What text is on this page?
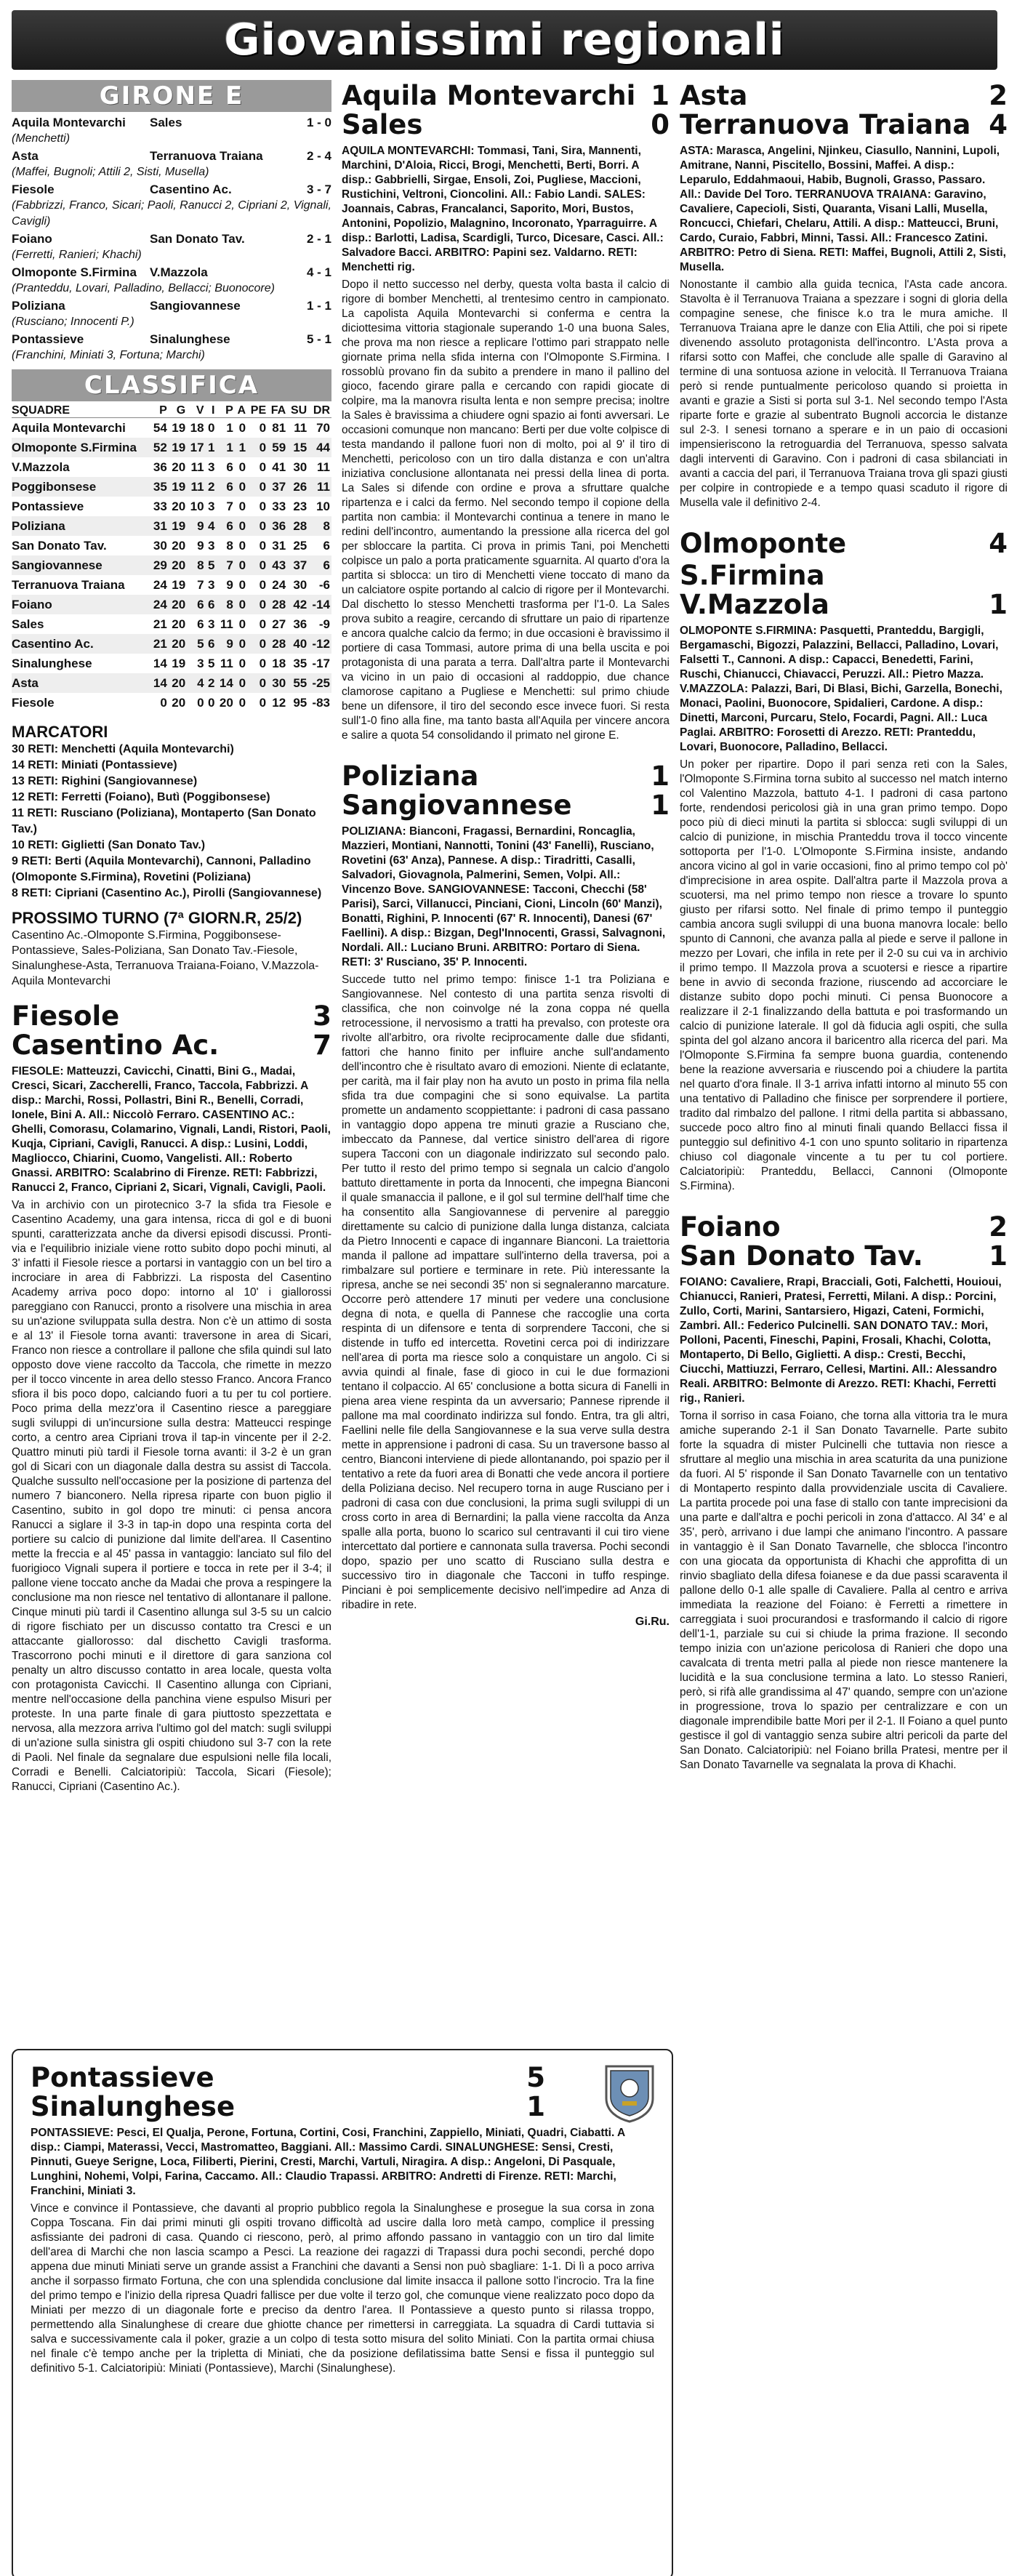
Giovanissimi regionali
GIRONE E
Aquila Montevarchi	Sales	1 - 0
(Menchetti)
Asta	Terranuova Traiana	2 - 4
(Maffei, Bugnoli; Attili 2, Sisti, Musella)
Fiesole	Casentino Ac.	3 - 7
(Fabbrizzi, Franco, Sicari; Paoli, Ranucci 2, Cipriani 2, Vignali, Cavigli)
Foiano	San Donato Tav.	2 - 1
(Ferretti, Ranieri; Khachi)
Olmoponte S.Firmina	V.Mazzola	4 - 1
(Pranteddu, Lovari, Palladino, Bellacci; Buonocore)
Poliziana	Sangiovannese	1 - 1
(Rusciano; Innocenti P.)
Pontassieve	Sinalunghese	5 - 1
(Franchini, Miniati 3, Fortuna; Marchi)
CLASSIFICA
SQUADRE	P	G	V	I	P	A	PE	FA	SU	DR
Aquila Montevarchi	54	19	18	0	1	0	0	81	11	70
Olmoponte S.Firmina	52	19	17	1	1	1	0	59	15	44
V.Mazzola	36	20	11	3	6	0	0	41	30	11
Poggibonsese	35	19	11	2	6	0	0	37	26	11
Pontassieve	33	20	10	3	7	0	0	33	23	10
Poliziana	31	19	9	4	6	0	0	36	28	8
San Donato Tav.	30	20	9	3	8	0	0	31	25	6
Sangiovannese	29	20	8	5	7	0	0	43	37	6
Terranuova Traiana	24	19	7	3	9	0	0	24	30	-6
Foiano	24	20	6	6	8	0	0	28	42	-14
Sales	21	20	6	3	11	0	0	27	36	-9
Casentino Ac.	21	20	5	6	9	0	0	28	40	-12
Sinalunghese	14	19	3	5	11	0	0	18	35	-17
Asta	14	20	4	2	14	0	0	30	55	-25
Fiesole	0	20	0	0	20	0	0	12	95	-83
MARCATORI
30 RETI: Menchetti (Aquila Montevarchi)
14 RETI: Miniati (Pontassieve)
13 RETI: Righini (Sangiovannese)
12 RETI: Ferretti (Foiano), Butì (Poggibonsese)
11 RETI: Rusciano (Poliziana), Montaperto (San Donato Tav.)
10 RETI: Giglietti (San Donato Tav.)
9 RETI: Berti (Aquila Montevarchi), Cannoni, Palladino (Olmoponte S.Firmina), Rovetini (Poliziana)
8 RETI: Cipriani (Casentino Ac.), Pirolli (Sangiovannese)
PROSSIMO TURNO (7ª GIORN.R, 25/2)
Casentino Ac.-Olmoponte S.Firmina, Poggibonsese-Pontassieve, Sales-Poliziana, San Donato Tav.-Fiesole, Sinalunghese-Asta, Terranuova Traiana-Foiano, V.Mazzola-Aquila Montevarchi
Fiesole	3
Casentino Ac.	7
FIESOLE: Matteuzzi, Cavicchi, Cinatti, Bini G., Madai, Cresci, Sicari, Zaccherelli, Franco, Taccola, Fabbrizzi. A disp.: Marchi, Rossi, Pollastri, Bini R., Benelli, Corradi, Ionele, Bini A. All.: Niccolò Ferraro. CASENTINO AC.: Ghelli, Comorasu, Colamarino, Vignali, Landi, Ristori, Paoli, Kuqja, Cipriani, Cavigli, Ranucci. A disp.: Lusini, Loddi, Magliocco, Chiarini, Cuomo, Vangelisti. All.: Roberto Gnassi. ARBITRO: Scalabrino di Firenze. RETI: Fabbrizzi, Ranucci 2, Franco, Cipriani 2, Sicari, Vignali, Cavigli, Paoli.
Va in archivio con un pirotecnico 3-7 la sfida tra Fiesole e Casentino Academy, una gara intensa, ricca di gol e di buoni spunti, caratterizzata anche da diversi episodi discussi. Pronti-via e l'equilibrio iniziale viene rotto subito dopo pochi minuti, al 3' infatti il Fiesole riesce a portarsi in vantaggio con un bel tiro a incrociare in area di Fabbrizzi. La risposta del Casentino Academy arriva poco dopo: intorno al 10' i giallorossi pareggiano con Ranucci, pronto a risolvere una mischia in area su un'azione sviluppata sulla destra. Non c'è un attimo di sosta e al 13' il Fiesole torna avanti: traversone in area di Sicari, Franco non riesce a controllare il pallone che sfila quindi sul lato opposto dove viene raccolto da Taccola, che rimette in mezzo per il tocco vincente in area dello stesso Franco. Ancora Franco sfiora il bis poco dopo, calciando fuori a tu per tu col portiere. Poco prima della mezz'ora il Casentino riesce a pareggiare sugli sviluppi di un'incursione sulla destra: Matteucci respinge corto, a centro area Cipriani trova il tap-in vincente per il 2-2. Quattro minuti più tardi il Fiesole torna avanti: il 3-2 è un gran gol di Sicari con un diagonale dalla destra su assist di Taccola. Qualche sussulto nell'occasione per la posizione di partenza del numero 7 bianconero. Nella ripresa riparte con buon piglio il Casentino, subito in gol dopo tre minuti: ci pensa ancora Ranucci a siglare il 3-3 in tap-in dopo una respinta corta del portiere su calcio di punizione dal limite dell'area. Il Casentino mette la freccia e al 45' passa in vantaggio: lanciato sul filo del fuorigioco Vignali supera il portiere e tocca in rete per il 3-4; il pallone viene toccato anche da Madai che prova a respingere la conclusione ma non riesce nel tentativo di allontanare il pallone. Cinque minuti più tardi il Casentino allunga sul 3-5 su un calcio di rigore fischiato per un discusso contatto tra Cresci e un attaccante giallorosso: dal dischetto Cavigli trasforma. Trascorrono pochi minuti e il direttore di gara sanziona col penalty un altro discusso contatto in area locale, questa volta con protagonista Cavicchi. Il Casentino allunga con Cipriani, mentre nell'occasione della panchina viene espulso Misuri per proteste. In una parte finale di gara piuttosto spezzettata e nervosa, alla mezzora arriva l'ultimo gol del match: sugli sviluppi di un'azione sulla sinistra gli ospiti chiudono sul 3-7 con la rete di Paoli. Nel finale da segnalare due espulsioni nelle fila locali, Corradi e Benelli. Calciatoripiù: Taccola, Sicari (Fiesole); Ranucci, Cipriani (Casentino Ac.).
Aquila Montevarchi 1
Sales	0
AQUILA MONTEVARCHI: Tommasi, Tani, Sira, Mannenti, Marchini, D'Aloia, Ricci, Brogi, Menchetti, Berti, Borri. A disp.: Gabbrielli, Sirgae, Ensoli, Zoi, Pugliese, Maccioni, Rustichini, Veltroni, Cioncolini. All.: Fabio Landi. SALES: Joannais, Cabras, Francalanci, Saporito, Mori, Bustos, Antonini, Popolizio, Malagnino, Incoronato, Yparraguirre. A disp.: Barlotti, Ladisa, Scardigli, Turco, Dicesare, Casci. All.: Salvadore Bacci. ARBITRO: Papini sez. Valdarno. RETI: Menchetti rig.
Dopo il netto successo nel derby, questa volta basta il calcio di rigore di bomber Menchetti, al trentesimo centro in campionato. La capolista Aquila Montevarchi si conferma e centra la diciottesima vittoria stagionale superando 1-0 una buona Sales, che prova ma non riesce a replicare l'ottimo pari strappato nelle giornate prima nella sfida interna con l'Olmoponte S.Firmina. I rossoblù provano fin da subito a prendere in mano il pallino del gioco, facendo girare palla e cercando con rapidi giocate di colpire, ma la manovra risulta lenta e non sempre precisa; inoltre la Sales è bravissima a chiudere ogni spazio ai fonti avversari. Le occasioni comunque non mancano: Berti per due volte colpisce di testa mandando il pallone fuori non di molto, poi al 9' il tiro di Menchetti, pericoloso con un tiro dalla distanza e con un'altra iniziativa conclusione allontanata nei pressi della linea di porta. La Sales si difende con ordine e prova a sfruttare qualche ripartenza e i calci da fermo. Nel secondo tempo il copione della partita non cambia: il Montevarchi continua a tenere in mano le redini dell'incontro, aumentando la pressione alla ricerca del gol per sbloccare la partita. Ci prova in primis Tani, poi Menchetti colpisce un palo a porta praticamente sguarnita. Al quarto d'ora la partita si sblocca: un tiro di Menchetti viene toccato di mano da un calciatore ospite portando al calcio di rigore per il Montevarchi. Dal dischetto lo stesso Menchetti trasforma per l'1-0. La Sales prova subito a reagire, cercando di sfruttare un paio di ripartenze e ancora qualche calcio da fermo; in due occasioni è bravissimo il portiere di casa Tommasi, autore prima di una bella uscita e poi protagonista di una parata a terra. Dall'altra parte il Montevarchi va vicino in un paio di occasioni al raddoppio, due chance clamorose capitano a Pugliese e Menchetti: sul primo chiude bene un difensore, il tiro del secondo esce invece fuori. Si resta sull'1-0 fino alla fine, ma tanto basta all'Aquila per vincere ancora e salire a quota 54 consolidando il primato nel girone E.
Poliziana	1
Sangiovannese	1
POLIZIANA: Bianconi, Fragassi, Bernardini, Roncaglia, Mazzieri, Montiani, Nannotti, Tonini (43' Fanelli), Rusciano, Rovetini (63' Anza), Pannese. A disp.: Tiradritti, Casalli, Salvadori, Giovagnola, Palmerini, Semen, Volpi. All.: Vincenzo Bove. SANGIOVANNESE: Tacconi, Checchi (58' Parisi), Sarci, Villanucci, Pinciani, Cioni, Lincoln (60' Manzi), Bonatti, Righini, P. Innocenti (67' R. Innocenti), Danesi (67' Faellini). A disp.: Bizgan, Degl'Innocenti, Grassi, Salvagnoni, Nordali. All.: Luciano Bruni. ARBITRO: Portaro di Siena. RETI: 3' Rusciano, 35' P. Innocenti.
Succede tutto nel primo tempo: finisce 1-1 tra Poliziana e Sangiovannese. Nel contesto di una partita senza risvolti di classifica, che non coinvolge né la zona coppa né quella retrocessione, il nervosismo a tratti ha prevalso, con proteste ora rivolte all'arbitro, ora rivolte reciprocamente dalle due sfidanti, fattori che hanno finito per influire anche sull'andamento dell'incontro che è risultato avaro di emozioni. Niente di eclatante, per carità, ma il fair play non ha avuto un posto in prima fila nella sfida tra due compagini che si sono equivalse. La partita promette un andamento scoppiettante: i padroni di casa passano in vantaggio dopo appena tre minuti grazie a Rusciano che, imbeccato da Pannese, dal vertice sinistro dell'area di rigore supera Tacconi con un diagonale indirizzato sul secondo palo. Per tutto il resto del primo tempo si segnala un calcio d'angolo battuto direttamente in porta da Innocenti, che impegna Bianconi il quale smanaccia il pallone, e il gol sul termine dell'half time che ha consentito alla Sangiovannese di pervenire al pareggio direttamente su calcio di punizione dalla lunga distanza, calciata da Pietro Innocenti e capace di ingannare Bianconi. La traiettoria manda il pallone ad impattare sull'interno della traversa, poi a rimbalzare sul portiere e terminare in rete. Più interessante la ripresa, anche se nei secondi 35' non si segnaleranno marcature. Occorre però attendere 17 minuti per vedere una conclusione degna di nota, e quella di Pannese che raccoglie una corta respinta di un difensore e tenta di sorprendere Tacconi, che si distende in tuffo ed intercetta. Rovetini cerca poi di indirizzare nell'area di porta ma riesce solo a conquistare un angolo. Ci si avvia quindi al finale, fase di gioco in cui le due formazioni tentano il colpaccio. Al 65' conclusione a botta sicura di Fanelli in piena area viene respinta da un avversario; Pannese riprende il pallone ma mal coordinato indirizza sul fondo. Entra, tra gli altri, Faellini nelle file della Sangiovannese e la sua verve sulla destra mette in apprensione i padroni di casa. Su un traversone basso al centro, Bianconi interviene di piede allontanando, poi spazio per il tentativo a rete da fuori area di Bonatti che vede ancora il portiere della Poliziana deciso. Nel recupero torna in auge Rusciano per i padroni di casa con due conclusioni, la prima sugli sviluppi di un cross corto in area di Bernardini; la palla viene raccolta da Anza spalle alla porta, buono lo scarico sul centravanti il cui tiro viene intercettato dal portiere e cannonata sulla traversa. Pochi secondi dopo, spazio per uno scatto di Rusciano sulla destra e successivo tiro in diagonale che Tacconi in tuffo respinge. Pinciani è poi semplicemente decisivo nell'impedire ad Anza di ribadire in rete.
Gi.Ru.
Asta	2
Terranuova Traiana 4
ASTA: Marasca, Angelini, Njinkeu, Ciasullo, Nannini, Lupoli, Amitrane, Nanni, Piscitello, Bossini, Maffei. A disp.: Leparulo, Eddahmaoui, Habib, Bugnoli, Grasso, Passaro. All.: Davide Del Toro. TERRANUOVA TRAIANA: Garavino, Cavaliere, Capecioli, Sisti, Quaranta, Visani Lalli, Musella, Roncucci, Chiefari, Chelaru, Attili. A disp.: Matteucci, Bruni, Cardo, Curaio, Fabbri, Minni, Tassi. All.: Francesco Zatini. ARBITRO: Petro di Siena. RETI: Maffei, Bugnoli, Attili 2, Sisti, Musella.
Nonostante il cambio alla guida tecnica, l'Asta cade ancora. Stavolta è il Terranuova Traiana a spezzare i sogni di gloria della compagine senese, che finisce k.o tra le mura amiche. Il Terranuova Traiana apre le danze con Elia Attili, che poi si ripete divenendo assoluto protagonista dell'incontro. L'Asta prova a rifarsi sotto con Maffei, che conclude alle spalle di Garavino al termine di una sontuosa azione in velocità. Il Terranuova Traiana però si rende puntualmente pericoloso quando si proietta in avanti e grazie a Sisti si porta sul 3-1. Nel secondo tempo l'Asta riparte forte e grazie al subentrato Bugnoli accorcia le distanze sul 2-3. I senesi tornano a sperare e in un paio di occasioni impensieriscono la retroguardia del Terranuova, spesso salvata dagli interventi di Garavino. Con i padroni di casa sbilanciati in avanti a caccia del pari, il Terranuova Traiana trova gli spazi giusti per colpire in contropiede e a tempo quasi scaduto il rigore di Musella vale il definitivo 2-4.
Olmoponte S.Firmina
4
V.Mazzola	1
OLMOPONTE S.FIRMINA: Pasquetti, Pranteddu, Bargigli, Bergamaschi, Bigozzi, Palazzini, Bellacci, Palladino, Lovari, Falsetti T., Cannoni. A disp.: Capacci, Benedetti, Farini, Ruschi, Chianucci, Chiavacci, Peruzzi. All.: Pietro Mazza. V.MAZZOLA: Palazzi, Bari, Di Blasi, Bichi, Garzella, Bonechi, Monaci, Paolini, Buonocore, Spidalieri, Cardone. A disp.: Dinetti, Marconi, Purcaru, Stelo, Focardi, Pagni. All.: Luca Paglai. ARBITRO: Forosetti di Arezzo. RETI: Pranteddu, Lovari, Buonocore, Palladino, Bellacci.
Un poker per ripartire. Dopo il pari senza reti con la Sales, l'Olmoponte S.Firmina torna subito al successo nel match interno col Valentino Mazzola, battuto 4-1. I padroni di casa partono forte, rendendosi pericolosi già in una gran primo tempo. Dopo poco più di dieci minuti la partita si sblocca: sugli sviluppi di un calcio di punizione, in mischia Pranteddu trova il tocco vincente sottoporta per l'1-0. L'Olmoponte S.Firmina insiste, andando ancora vicino al gol in varie occasioni, fino al primo tempo col pò' d'imprecisione in area ospite. Dall'altra parte il Mazzola prova a scuotersi, ma nel primo tempo non riesce a trovare lo spunto giusto per rifarsi sotto. Nel finale di primo tempo il punteggio cambia ancora sugli sviluppi di una buona manovra locale: bello spunto di Cannoni, che avanza palla al piede e serve il pallone in mezzo per Lovari, che infila in rete per il 2-0 su cui va in archivio il primo tempo. Il Mazzola prova a scuotersi e riesce a ripartire bene in avvio di seconda frazione, riuscendo ad accorciare le distanze subito dopo pochi minuti. Ci pensa Buonocore a realizzare il 2-1 finalizzando della battuta e poi trasformando un calcio di punizione laterale. Il gol dà fiducia agli ospiti, che sulla spinta del gol alzano ancora il baricentro alla ricerca del pari. Ma l'Olmoponte S.Firmina fa sempre buona guardia, contenendo bene la reazione avversaria e riuscendo poi a chiudere la partita nel quarto d'ora finale. Il 3-1 arriva infatti intorno al minuto 55 con una tentativo di Palladino che finisce per sorprendere il portiere, tradito dal rimbalzo del pallone. I ritmi della partita si abbassano, succede poco altro fino al minuti finali quando Bellacci fissa il punteggio sul definitivo 4-1 con uno spunto solitario in ripartenza chiuso col diagonale vincente a tu per tu col portiere. Calciatoripiù: Pranteddu, Bellacci, Cannoni (Olmoponte S.Firmina).
Foiano	2
San Donato Tav. 1
FOIANO: Cavaliere, Rrapi, Bracciali, Goti, Falchetti, Houioui, Chianucci, Ranieri, Pratesi, Ferretti, Milani. A disp.: Porcini, Zullo, Corti, Marini, Santarsiero, Higazi, Cateni, Formichi, Zambri. All.: Federico Pulcinelli. SAN DONATO TAV.: Mori, Polloni, Pacenti, Fineschi, Papini, Frosali, Khachi, Colotta, Montaperto, Di Bello, Giglietti. A disp.: Cresti, Becchi, Ciucchi, Mattiuzzi, Ferraro, Cellesi, Martini. All.: Alessandro Reali. ARBITRO: Belmonte di Arezzo. RETI: Khachi, Ferretti rig., Ranieri.
Torna il sorriso in casa Foiano, che torna alla vittoria tra le mura amiche superando 2-1 il San Donato Tavarnelle. Parte subito forte la squadra di mister Pulcinelli che tuttavia non riesce a sfruttare al meglio una mischia in area scaturita da una punizione da fuori. Al 5' risponde il San Donato Tavarnelle con un tentativo di Montaperto respinto dalla provvidenziale uscita di Cavaliere. La partita procede poi una fase di stallo con tante imprecisioni da una parte e dall'altra e pochi pericoli in zona d'attacco. Al 34' e al 35', però, arrivano i due lampi che animano l'incontro. A passare in vantaggio è il San Donato Tavarnelle, che sblocca l'incontro con una giocata da opportunista di Khachi che approfitta di un rinvio sbagliato della difesa foianese e da due passi scaraventa il pallone dello 0-1 alle spalle di Cavaliere. Palla al centro e arriva immediata la reazione del Foiano: è Ferretti a rimettere in carreggiata i suoi procurandosi e trasformando il calcio di rigore dell'1-1, parziale su cui si chiude la prima frazione. Il secondo tempo inizia con un'azione pericolosa di Ranieri che dopo una cavalcata di trenta metri palla al piede non riesce mantenere la lucidità e la sua conclusione termina a lato. Lo stesso Ranieri, però, si rifà alle grandissima al 47' quando, sempre con un'azione in progressione, trova lo spazio per centralizzare e con un diagonale imprendibile batte Mori per il 2-1. Il Foiano a quel punto gestisce il gol di vantaggio senza subire altri pericoli da parte del San Donato. Calciatoripiù: nel Foiano brilla Pratesi, mentre per il San Donato Tavarnelle va segnalata la prova di Khachi.
Pontassieve	5
Sinalunghese	1
PONTASSIEVE: Pesci, El Qualja, Perone, Fortuna, Cortini, Cosi, Franchini, Zappiello, Miniati, Quadri, Ciabatti. A disp.: Ciampi, Materassi, Vecci, Mastromatteo, Baggiani. All.: Massimo Cardi. SINALUNGHESE: Sensi, Cresti, Pinnuti, Gueye Serigne, Loca, Filiberti, Pierini, Cresti, Marchi, Vartuli, Niragira. A disp.: Angeloni, Di Pasquale, Lunghini, Nohemi, Volpi, Farina, Caccamo. All.: Claudio Trapassi. ARBITRO: Andretti di Firenze. RETI: Marchi, Franchini, Miniati 3.
Vince e convince il Pontassieve, che davanti al proprio pubblico regola la Sinalunghese e prosegue la sua corsa in zona Coppa Toscana. Fin dai primi minuti gli ospiti trovano difficoltà ad uscire dalla loro metà campo, complice il pressing asfissiante dei padroni di casa. Quando ci riescono, però, al primo affondo passano in vantaggio con un tiro dal limite dell'area di Marchi che non lascia scampo a Pesci. La reazione dei ragazzi di Trapassi dura pochi secondi, perché dopo appena due minuti Miniati serve un grande assist a Franchini che davanti a Sensi non può sbagliare: 1-1. Di lì a poco arriva anche il sorpasso firmato Fortuna, che con una splendida conclusione dal limite insacca il pallone sotto l'incrocio. Tra la fine del primo tempo e l'inizio della ripresa Quadri fallisce per due volte il terzo gol, che comunque viene realizzato poco dopo da Miniati per mezzo di un diagonale forte e preciso da dentro l'area. Il Pontassieve a questo punto si rilassa troppo, permettendo alla Sinalunghese di creare due ghiotte chance per rimettersi in carreggiata. La squadra di Cardi tuttavia si salva e successivamente cala il poker, grazie a un colpo di testa sotto misura del solito Miniati. Con la partita ormai chiusa nel finale c'è tempo anche per la tripletta di Miniati, che da posizione defilatissima batte Sensi e fissa il punteggio sul definitivo 5-1. Calciatoripiù: Miniati (Pontassieve), Marchi (Sinalunghese).
